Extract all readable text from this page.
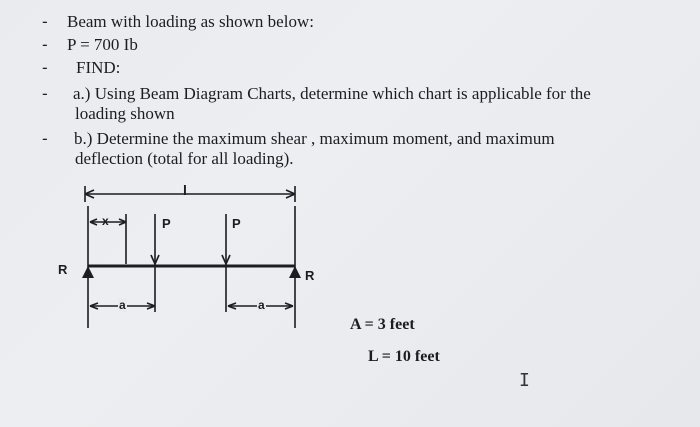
- Beam with loading as shown below:
- P = 700 Ib
- FIND:
- a.) Using Beam Diagram Charts, determine which chart is applicable for the
loading shown
- b.) Determine the maximum shear , maximum moment, and maximum
deflection (total for all loading).
l
x	P	P
R	R
a	a
A = 3 feet
L = 10 feet
I
